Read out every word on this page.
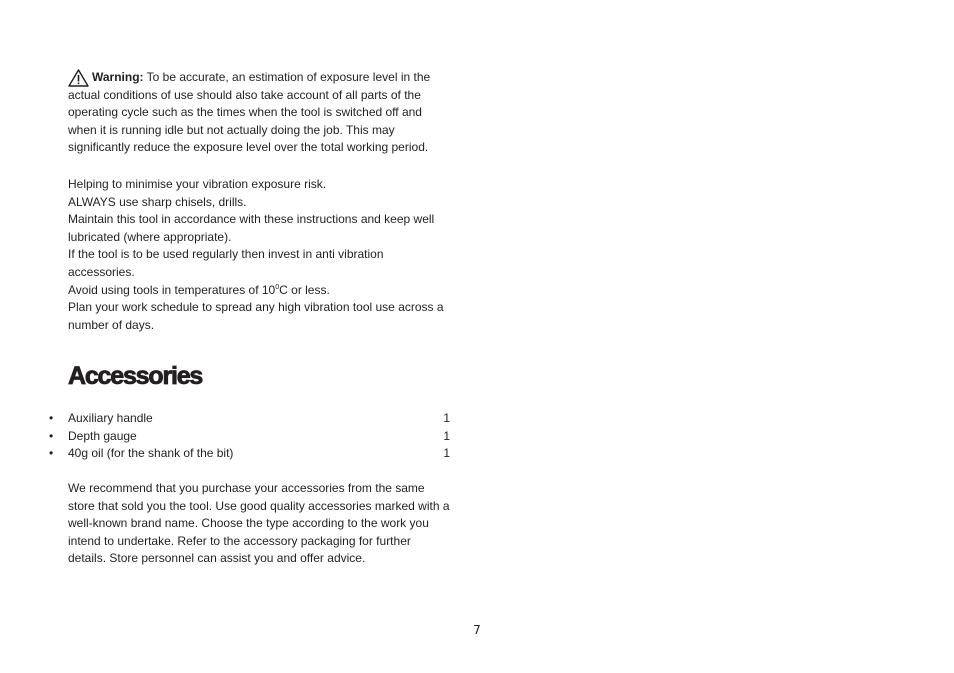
Warning: To be accurate, an estimation of exposure level in the actual conditions of use should also take account of all parts of the operating cycle such as the times when the tool is switched off and when it is running idle but not actually doing the job. This may significantly reduce the exposure level over the total working period.

Helping to minimise your vibration exposure risk.

ALWAYS use sharp chisels, drills.

Maintain this tool in accordance with these instructions and keep well lubricated (where appropriate).

If the tool is to be used regularly then invest in anti vibration accessories.

Avoid using tools in temperatures of $10^0C$ or less.

Plan your work schedule to spread any high vibration tool use across a number of days.

Accessories
• Auxiliary handle	1
• Depth gauge	1
• 40g oil (for the shank of the bit)	1

We recommend that you purchase your accessories from the same store that sold you the tool. Use good quality accessories marked with a well-known brand name. Choose the type according to the work you intend to undertake. Refer to the accessory packaging for further details. Store personnel can assist you and offer advice.

7
